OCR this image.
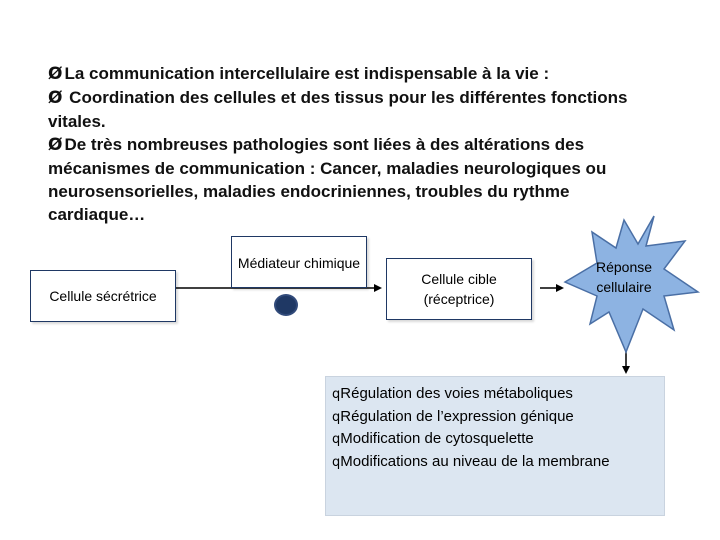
Ø La communication intercellulaire est indispensable à la vie :

Ø Coordination des cellules et des tissus pour les différentes fonctions vitales.

Ø De très nombreuses pathologies sont liées à des altérations des mécanismes de communication : Cancer, maladies neurologiques ou neurosensorielles, maladies endocriniennes, troubles du rythme cardiaque…

Cellule sécrétrice
Médiateur chimique
Cellule cible
(réceptrice)
Réponse
cellulaire
qRégulation des voies métaboliques
qRégulation de l’expression génique
qModification de cytosquelette
qModifications au niveau de la membrane
